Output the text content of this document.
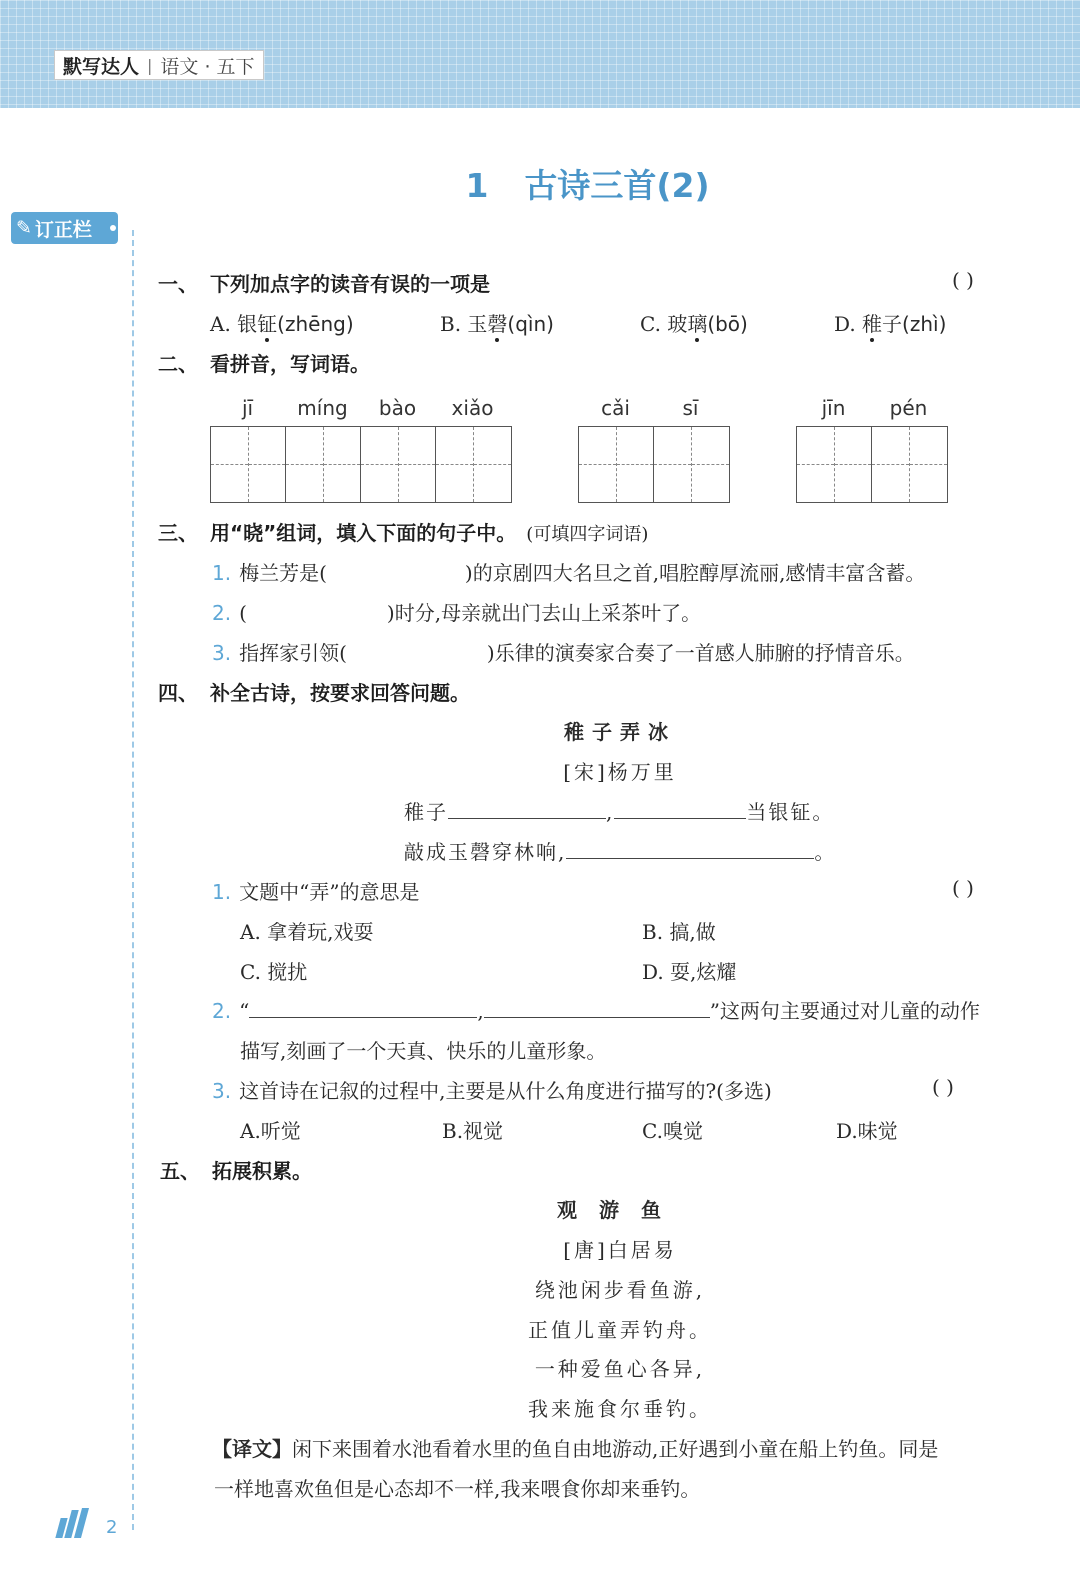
默写达人 | 语文 · 五下
1 古诗三首(2)
✎ 订正栏
一、 下列加点字的读音有误的一项是	( )
A. 银钲(zhēng)	B. 玉磬(qìn)	C. 玻璃(bō)	D. 稚子(zhì)
二、 看拼音，写词语。
jī	míng	bào	xiǎo	cǎi	sī	jīn	pén
三、 用“晓”组词，填入下面的句子中。 (可填四字词语)
1. 梅兰芳是(	)的京剧四大名旦之首,唱腔醇厚流丽,感情丰富含蓄。
2. (	)时分,母亲就出门去山上采茶叶了。
3. 指挥家引领(	)乐律的演奏家合奏了一首感人肺腑的抒情音乐。
四、 补全古诗，按要求回答问题。
稚子弄冰
[宋]杨万里
稚子	,	当银钲。
敲成玉磬穿林响,	。
1. 文题中“弄”的意思是	( )
A. 拿着玩,戏耍	B. 搞,做
C. 搅扰	D. 耍,炫耀
2. “	,	”这两句主要通过对儿童的动作
描写,刻画了一个天真、快乐的儿童形象。
3. 这首诗在记叙的过程中,主要是从什么角度进行描写的?(多选)	( )
A.听觉	B.视觉	C.嗅觉	D.味觉
五、 拓展积累。
观游鱼
[唐]白居易
绕池闲步看鱼游,
正值儿童弄钓舟。
一种爱鱼心各异,
我来施食尔垂钓。
【译文】闲下来围着水池看着水里的鱼自由地游动,正好遇到小童在船上钓鱼。同是
一样地喜欢鱼但是心态却不一样,我来喂食你却来垂钓。
2
